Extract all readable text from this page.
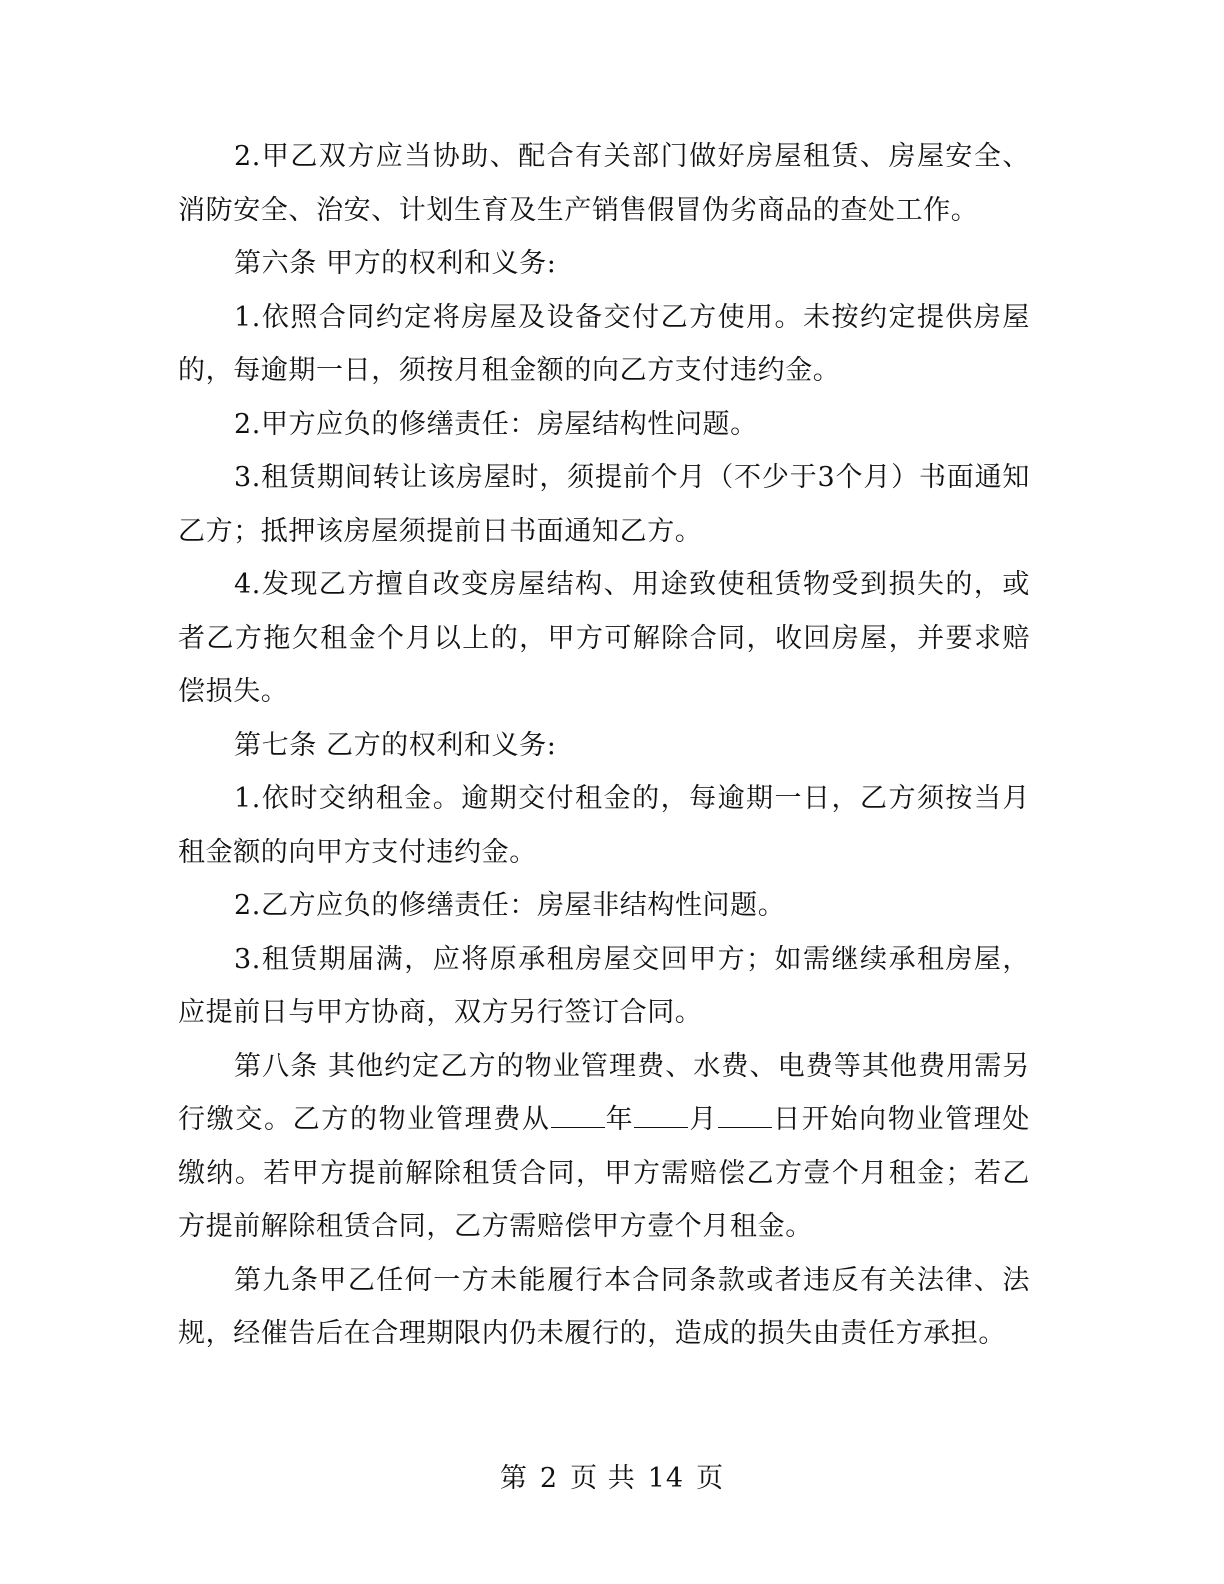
2.甲乙双方应当协助、配合有关部门做好房屋租赁、房屋安全、消防安全、治安、计划生育及生产销售假冒伪劣商品的查处工作。

第六条 甲方的权利和义务:

1.依照合同约定将房屋及设备交付乙方使用。未按约定提供房屋的，每逾期一日，须按月租金额的向乙方支付违约金。

2.甲方应负的修缮责任：房屋结构性问题。

3.租赁期间转让该房屋时，须提前个月（不少于3个月）书面通知乙方；抵押该房屋须提前日书面通知乙方。

4.发现乙方擅自改变房屋结构、用途致使租赁物受到损失的，或者乙方拖欠租金个月以上的，甲方可解除合同，收回房屋，并要求赔偿损失。

第七条 乙方的权利和义务:

1.依时交纳租金。逾期交付租金的，每逾期一日，乙方须按当月租金额的向甲方支付违约金。

2.乙方应负的修缮责任：房屋非结构性问题。

3.租赁期届满，应将原承租房屋交回甲方；如需继续承租房屋，应提前日与甲方协商，双方另行签订合同。

第八条 其他约定乙方的物业管理费、水费、电费等其他费用需另行缴交。乙方的物业管理费从 年 月 日开始向物业管理处缴纳。若甲方提前解除租赁合同，甲方需赔偿乙方壹个月租金；若乙方提前解除租赁合同，乙方需赔偿甲方壹个月租金。

第九条甲乙任何一方未能履行本合同条款或者违反有关法律、法规，经催告后在合理期限内仍未履行的，造成的损失由责任方承担。

第 2 页 共 14 页
